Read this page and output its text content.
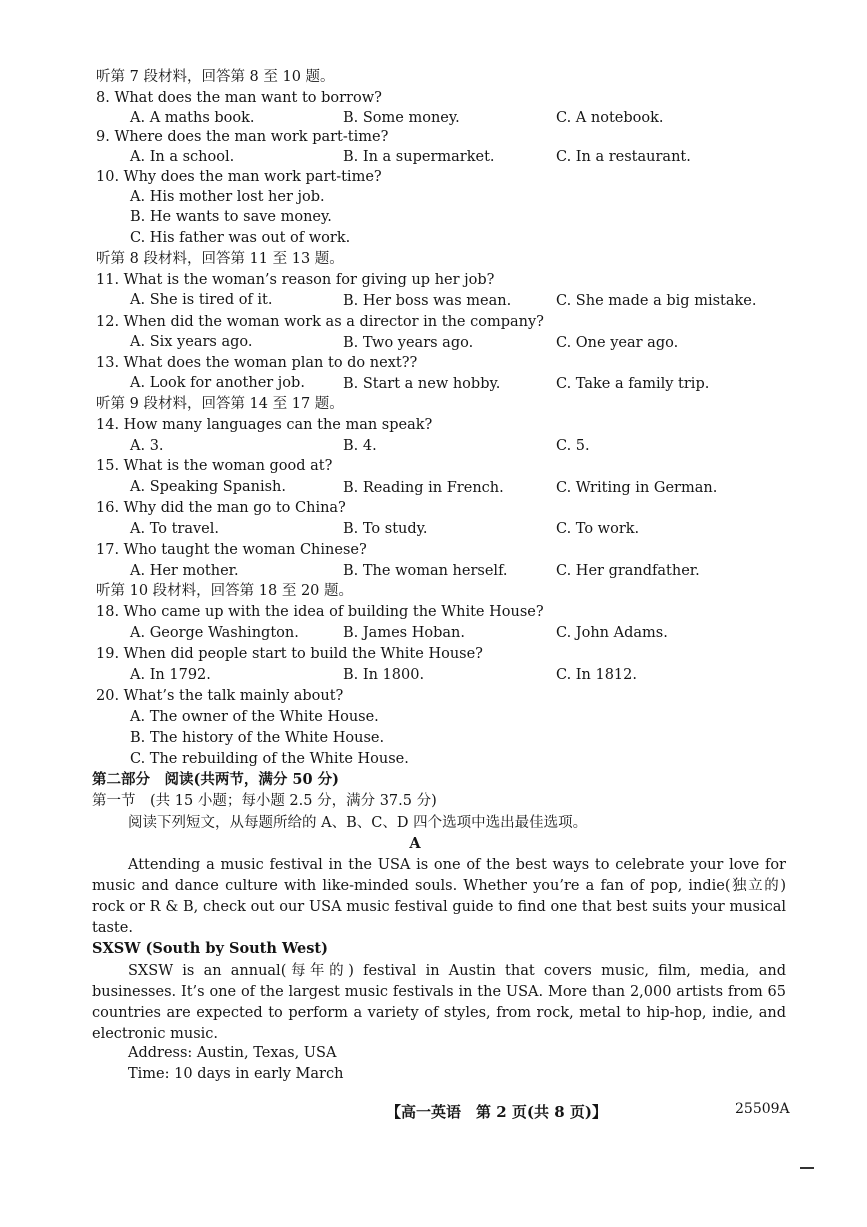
听第 7 段材料，回答第 8 至 10 题。
8. What does the man want to borrow?
A. A maths book.	B. Some money.	C. A notebook.
9. Where does the man work part-time?
A. In a school.	B. In a supermarket.	C. In a restaurant.
10. Why does the man work part-time?
A. His mother lost her job.
B. He wants to save money.
C. His father was out of work.
听第 8 段材料，回答第 11 至 13 题。
11. What is the woman’s reason for giving up her job?
A. She is tired of it.	B. Her boss was mean.	C. She made a big mistake.
12. When did the woman work as a director in the company?
A. Six years ago.	B. Two years ago.	C. One year ago.
13. What does the woman plan to do next??
A. Look for another job.	B. Start a new hobby.	C. Take a family trip.
听第 9 段材料，回答第 14 至 17 题。
14. How many languages can the man speak?
A. 3.	B. 4.	C. 5.
15. What is the woman good at?
A. Speaking Spanish.	B. Reading in French.	C. Writing in German.
16. Why did the man go to China?
A. To travel.	B. To study.	C. To work.
17. Who taught the woman Chinese?
A. Her mother.	B. The woman herself.	C. Her grandfather.
听第 10 段材料，回答第 18 至 20 题。
18. Who came up with the idea of building the White House?
A. George Washington.	B. James Hoban.	C. John Adams.
19. When did people start to build the White House?
A. In 1792.	B. In 1800.	C. In 1812.
20. What’s the talk mainly about?
A. The owner of the White House.
B. The history of the White House.
C. The rebuilding of the White House.
第二部分　阅读(共两节，满分 50 分)
第一节　(共 15 小题；每小题 2.5 分，满分 37.5 分)
阅读下列短文，从每题所给的 A、B、C、D 四个选项中选出最佳选项。
A
Attending a music festival in the USA is one of the best ways to celebrate your love for music and dance culture with like-minded souls. Whether you’re a fan of pop, indie(独立的) rock or R & B, check out our USA music festival guide to find one that best suits your musical taste.
SXSW (South by South West)
SXSW is an annual(每年的) festival in Austin that covers music, film, media, and businesses. It’s one of the largest music festivals in the USA. More than 2,000 artists from 65 countries are expected to perform a variety of styles, from rock, metal to hip-hop, indie, and electronic music.
Address: Austin, Texas, USA
Time: 10 days in early March
【高一英语　第 2 页(共 8 页)】	25509A
